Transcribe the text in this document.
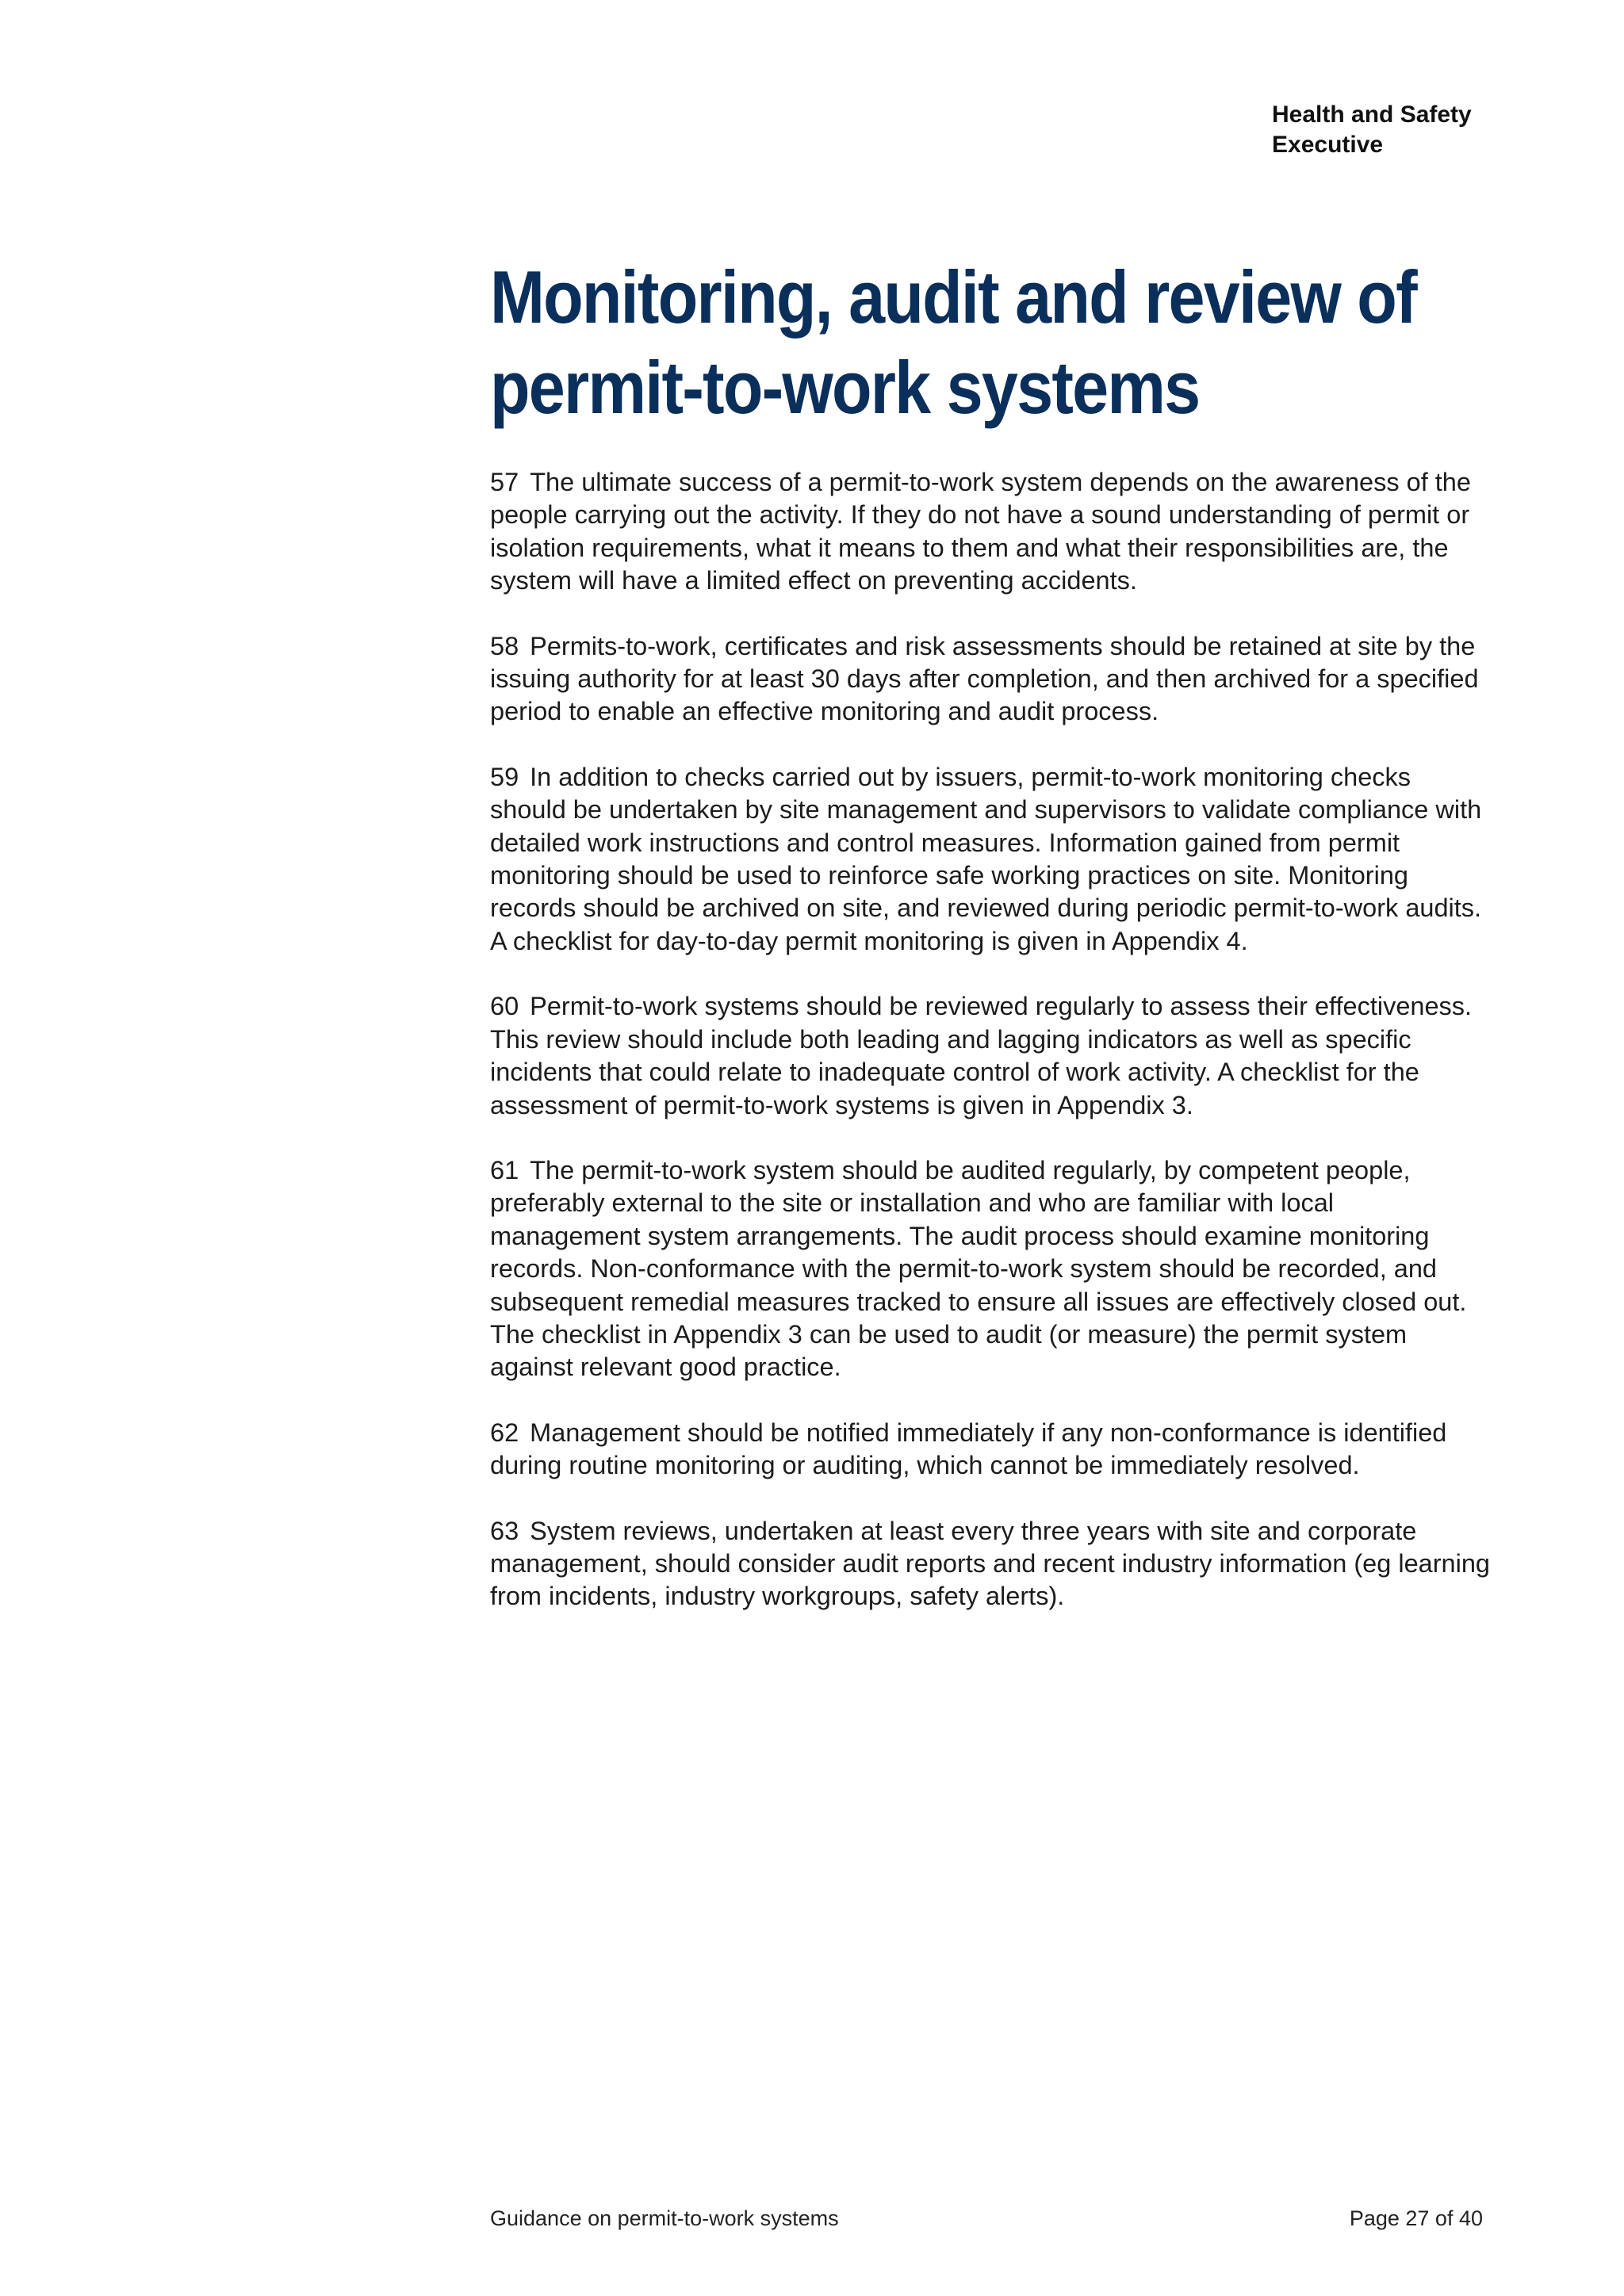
Health and Safety
Executive
Monitoring, audit and review of
permit-to-work systems

57 The ultimate success of a permit-to-work system depends on the awareness of the people carrying out the activity. If they do not have a sound understanding of permit or isolation requirements, what it means to them and what their responsibilities are, the system will have a limited effect on preventing accidents.

58 Permits-to-work, certificates and risk assessments should be retained at site by the issuing authority for at least 30 days after completion, and then archived for a specified period to enable an effective monitoring and audit process.

59 In addition to checks carried out by issuers, permit-to-work monitoring checks should be undertaken by site management and supervisors to validate compliance with detailed work instructions and control measures. Information gained from permit monitoring should be used to reinforce safe working practices on site. Monitoring records should be archived on site, and reviewed during periodic permit-to-work audits. A checklist for day-to-day permit monitoring is given in Appendix 4.

60 Permit-to-work systems should be reviewed regularly to assess their effectiveness. This review should include both leading and lagging indicators as well as specific incidents that could relate to inadequate control of work activity. A checklist for the assessment of permit-to-work systems is given in Appendix 3.

61 The permit-to-work system should be audited regularly, by competent people, preferably external to the site or installation and who are familiar with local management system arrangements. The audit process should examine monitoring records. Non-conformance with the permit-to-work system should be recorded, and subsequent remedial measures tracked to ensure all issues are effectively closed out. The checklist in Appendix 3 can be used to audit (or measure) the permit system against relevant good practice.

62 Management should be notified immediately if any non-conformance is identified during routine monitoring or auditing, which cannot be immediately resolved.

63 System reviews, undertaken at least every three years with site and corporate management, should consider audit reports and recent industry information (eg learning from incidents, industry workgroups, safety alerts).

Guidance on permit-to-work systems	Page 27 of 40
